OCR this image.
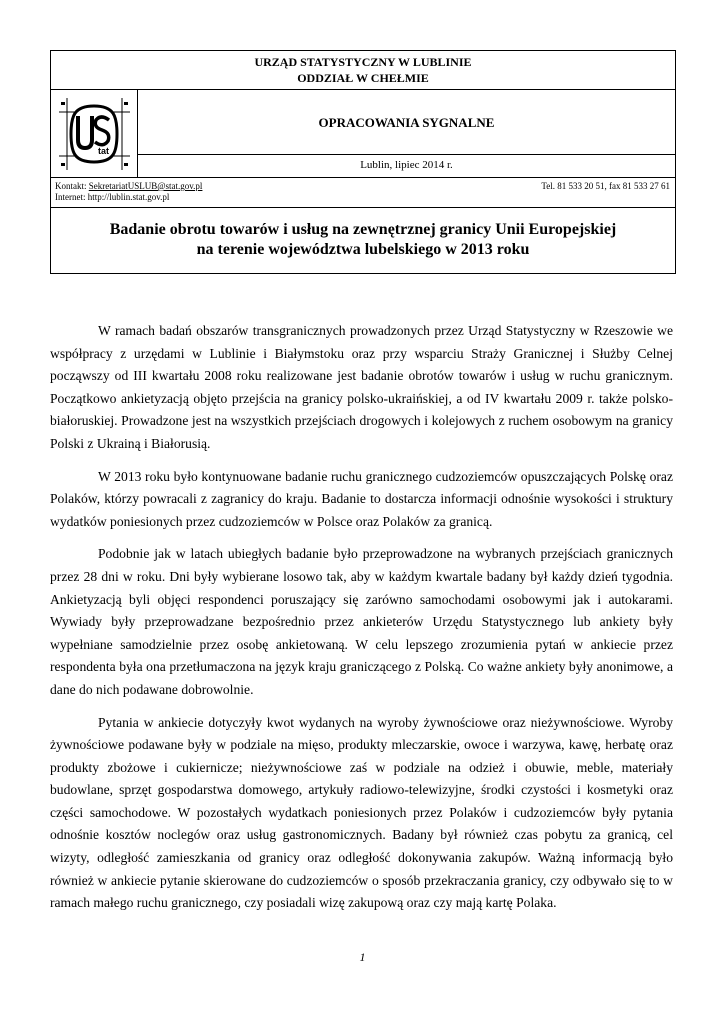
URZĄD STATYSTYCZNY W LUBLINIE
ODDZIAŁ W CHEŁMIE
tat
OPRACOWANIA SYGNALNE
Lublin, lipiec 2014 r.
Kontakt: SekretariatUSLUB@stat.gov.pl
Internet: http://lublin.stat.gov.pl
Tel. 81 533 20 51, fax 81 533 27 61
Badanie obrotu towarów i usług na zewnętrznej granicy Unii Europejskiej
na terenie województwa lubelskiego w 2013 roku

W ramach badań obszarów transgranicznych prowadzonych przez Urząd Statystyczny w Rzeszowie we współpracy z urzędami w Lublinie i Białymstoku oraz przy wsparciu Straży Granicznej i Służby Celnej począwszy od III kwartału 2008 roku realizowane jest badanie obrotów towarów i usług w ruchu granicznym. Początkowo ankietyzacją objęto przejścia na granicy polsko-ukraińskiej, a od IV kwartału 2009 r. także polsko-białoruskiej. Prowadzone jest na wszystkich przejściach drogowych i kolejowych z ruchem osobowym na granicy Polski z Ukrainą i Białorusią.

W 2013 roku było kontynuowane badanie ruchu granicznego cudzoziemców opuszczających Polskę oraz Polaków, którzy powracali z zagranicy do kraju. Badanie to dostarcza informacji odnośnie wysokości i struktury wydatków poniesionych przez cudzoziemców w Polsce oraz Polaków za granicą.

Podobnie jak w latach ubiegłych badanie było przeprowadzone na wybranych przejściach granicznych przez 28 dni w roku. Dni były wybierane losowo tak, aby w każdym kwartale badany był każdy dzień tygodnia. Ankietyzacją byli objęci respondenci poruszający się zarówno samochodami osobowymi jak i autokarami. Wywiady były przeprowadzane bezpośrednio przez ankieterów Urzędu Statystycznego lub ankiety były wypełniane samodzielnie przez osobę ankietowaną. W celu lepszego zrozumienia pytań w ankiecie przez respondenta była ona przetłumaczona na język kraju graniczącego z Polską. Co ważne ankiety były anonimowe, a dane do nich podawane dobrowolnie.

Pytania w ankiecie dotyczyły kwot wydanych na wyroby żywnościowe oraz nieżywnościowe. Wyroby żywnościowe podawane były w podziale na mięso, produkty mleczarskie, owoce i warzywa, kawę, herbatę oraz produkty zbożowe i cukiernicze; nieżywnościowe zaś w podziale na odzież i obuwie, meble, materiały budowlane, sprzęt gospodarstwa domowego, artykuły radiowo-telewizyjne, środki czystości i kosmetyki oraz części samochodowe. W pozostałych wydatkach poniesionych przez Polaków i cudzoziemców były pytania odnośnie kosztów noclegów oraz usług gastronomicznych. Badany był również czas pobytu za granicą, cel wizyty, odległość zamieszkania od granicy oraz odległość dokonywania zakupów. Ważną informacją było również w ankiecie pytanie skierowane do cudzoziemców o sposób przekraczania granicy, czy odbywało się to w ramach małego ruchu granicznego, czy posiadali wizę zakupową oraz czy mają kartę Polaka.

1
